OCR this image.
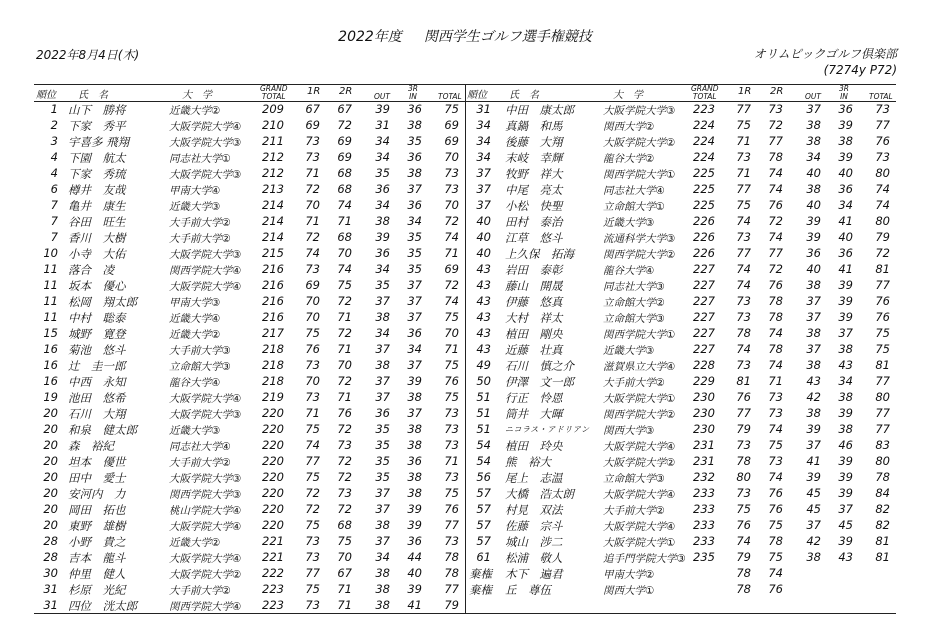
2022年度 関西学生ゴルフ選手権競技
2022年8月4日(木)	オリムピックゴルフ倶楽部
(7274y P72)
順位 氏　名	大　学
GRAND
TOTAL 1R 2R
	OUT
3R
IN
	TOTAL
1 山下　勝将	近畿大学②	209 67 67 39 36 75
2 下家　秀平	大阪学院大学④	210 69 72 31 38 69
3 宇喜多 飛翔	大阪学院大学③	211 73 69 34 35 69
4 下園　航太	同志社大学①	212 73 69 34 36 70
4 下家　秀琉	大阪学院大学③	212 71 68 35 38 73
6 樽井　友哉	甲南大学④	213 72 68 36 37 73
7 亀井　康生	近畿大学③	214 70 74 34 36 70
7 谷田　旺生	大手前大学②	214 71 71 38 34 72
7 香川　大樹	大手前大学②	214 72 68 39 35 74
10 小寺　大佑	大阪学院大学③	215 74 70 36 35 71
11 落合　凌	関西学院大学④	216 73 74 34 35 69
11 坂本　優心	大阪学院大学④	216 69 75 35 37 72
11 松岡　翔太郎	甲南大学③	216 70 72 37 37 74
11 中村　聡泰	近畿大学④	216 70 71 38 37 75
15 城野　寛登	近畿大学②	217 75 72 34 36 70
16 菊池　悠斗	大手前大学③	218 76 71 37 34 71
16 辻　圭一郎	立命館大学③	218 73 70 38 37 75
16 中西　永知	龍谷大学④	218 70 72 37 39 76
19 池田　悠希	大阪学院大学④	219 73 71 37 38 75
20 石川　大翔	大阪学院大学③	220 71 76 36 37 73
20 和泉　健太郎	近畿大学③	220 75 72 35 38 73
20 森　裕紀	同志社大学④	220 74 73 35 38 73
20 坦本　優世	大手前大学②	220 77 72 35 36 71
20 田中　愛士	大阪学院大学③	220 75 72 35 38 73
20 安河内　力	関西学院大学③	220 72 73 37 38 75
20 岡田　拓也	桃山学院大学④	220 72 72 37 39 76
20 東野　雄樹	大阪学院大学④	220 75 68 38 39 77
28 小野　貴之	近畿大学②	221 73 75 37 36 73
28 吉本　龍斗	大阪学院大学④	221 73 70 34 44 78
30 仲里　健人	大阪学院大学②	222 77 67 38 40 78
31 杉原　光紀	大手前大学②	223 75 71 38 39 77
31 四位　洸太郎	関西学院大学④	223 73 71 38 41 79
順位 氏　名	大　学
GRAND
TOTAL 1R 2R
	OUT
3R
IN
	TOTAL
31 中田　康太郎	大阪学院大学③	223 77 73 37 36 73
34 真鍋　和馬	関西大学②	224 75 72 38 39 77
34 後藤　大翔	大阪学院大学②	224 71 77 38 38 76
34 末岐　幸輝	龍谷大学②	224 73 78 34 39 73
37 牧野　祥大	関西学院大学①	225 71 74 40 40 80
37 中尾　亮太	同志社大学④	225 77 74 38 36 74
37 小松　快聖	立命館大学①	225 75 76 40 34 74
40 田村　泰治	近畿大学③	226 74 72 39 41 80
40 江草　悠斗	流通科学大学③	226 73 74 39 40 79
40 上久保　拓海	関西学院大学②	226 77 77 36 36 72
43 岩田　泰彰	龍谷大学④	227 74 72 40 41 81
43 藤山　開晟	同志社大学③	227 74 76 38 39 77
43 伊藤　悠真	立命館大学②	227 73 78 37 39 76
43 大村　祥太	立命館大学③	227 73 78 37 39 76
43 植田　剛央	関西学院大学①	227 78 74 38 37 75
43 近藤　壮真	近畿大学③	227 74 78 37 38 75
49 石川　慎之介	滋賀県立大学④	228 73 74 38 43 81
50 伊澤　文一郎	大手前大学②	229 81 71 43 34 77
51 行正　怜恩	大阪学院大学①	230 76 73 42 38 80
51 筒井　大暉	関西学院大学②	230 77 73 38 39 77
51 ニコラス・アドリアン	関西大学③	230 79 74 39 38 77
54 植田　玲央	大阪学院大学④	231 73 75 37 46 83
54 熊　裕大	大阪学院大学②	231 78 73 41 39 80
56 尾上　志温	立命館大学③	232 80 74 39 39 78
57 大橋　浩太朗	大阪学院大学④	233 73 76 45 39 84
57 村見　双法	大手前大学②	233 75 76 45 37 82
57 佐藤　宗斗	大阪学院大学④	233 76 75 37 45 82
57 城山　涉二	大阪学院大学①	233 74 78 42 39 81
61 松浦　敬人	追手門学院大学③ 235 79 75 38 43 81
棄権 木下　遍君	甲南大学②	78 74
棄権 丘　尊伍	関西大学①	78 76
